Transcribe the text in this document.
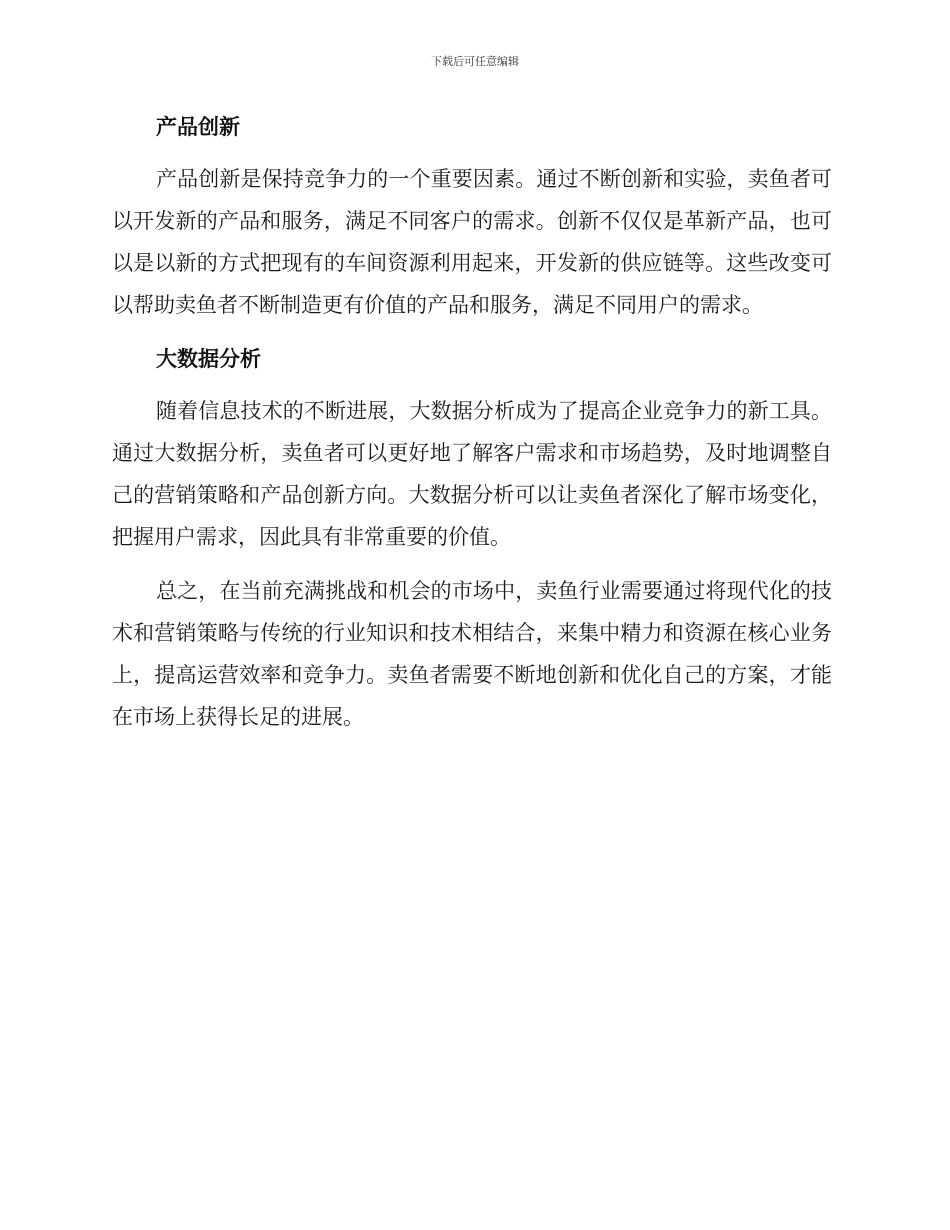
下载后可任意编辑
产品创新

产品创新是保持竞争力的一个重要因素。通过不断创新和实验，卖鱼者可以开发新的产品和服务，满足不同客户的需求。创新不仅仅是革新产品，也可以是以新的方式把现有的车间资源利用起来，开发新的供应链等。这些改变可以帮助卖鱼者不断制造更有价值的产品和服务，满足不同用户的需求。

大数据分析

随着信息技术的不断进展，大数据分析成为了提高企业竞争力的新工具。通过大数据分析，卖鱼者可以更好地了解客户需求和市场趋势，及时地调整自己的营销策略和产品创新方向。大数据分析可以让卖鱼者深化了解市场变化，把握用户需求，因此具有非常重要的价值。

总之，在当前充满挑战和机会的市场中，卖鱼行业需要通过将现代化的技术和营销策略与传统的行业知识和技术相结合，来集中精力和资源在核心业务上，提高运营效率和竞争力。卖鱼者需要不断地创新和优化自己的方案，才能在市场上获得长足的进展。
